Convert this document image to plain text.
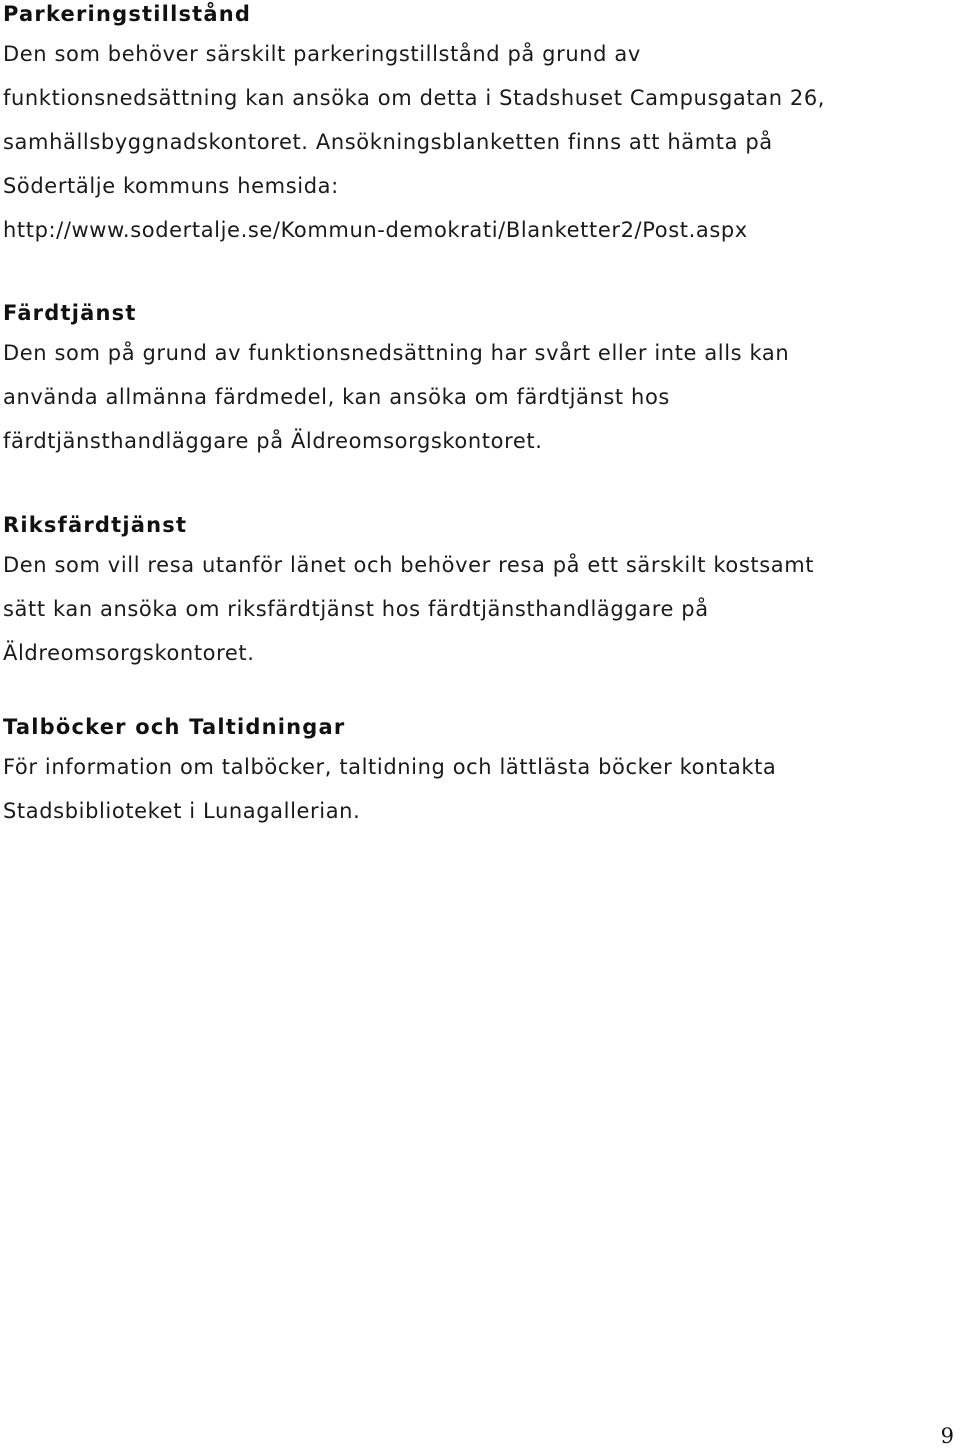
Parkeringstillstånd

Den som behöver särskilt parkeringstillstånd på grund av
funktionsnedsättning kan ansöka om detta i Stadshuset Campusgatan 26,
samhällsbyggnadskontoret. Ansökningsblanketten finns att hämta på
Södertälje kommuns hemsida:
http://www.sodertalje.se/Kommun-demokrati/Blanketter2/Post.aspx

Färdtjänst

Den som på grund av funktionsnedsättning har svårt eller inte alls kan
använda allmänna färdmedel, kan ansöka om färdtjänst hos
färdtjänsthandläggare på Äldreomsorgskontoret.

Riksfärdtjänst

Den som vill resa utanför länet och behöver resa på ett särskilt kostsamt
sätt kan ansöka om riksfärdtjänst hos färdtjänsthandläggare på
Äldreomsorgskontoret.

Talböcker och Taltidningar

För information om talböcker, taltidning och lättlästa böcker kontakta
Stadsbiblioteket i Lunagallerian.

9
